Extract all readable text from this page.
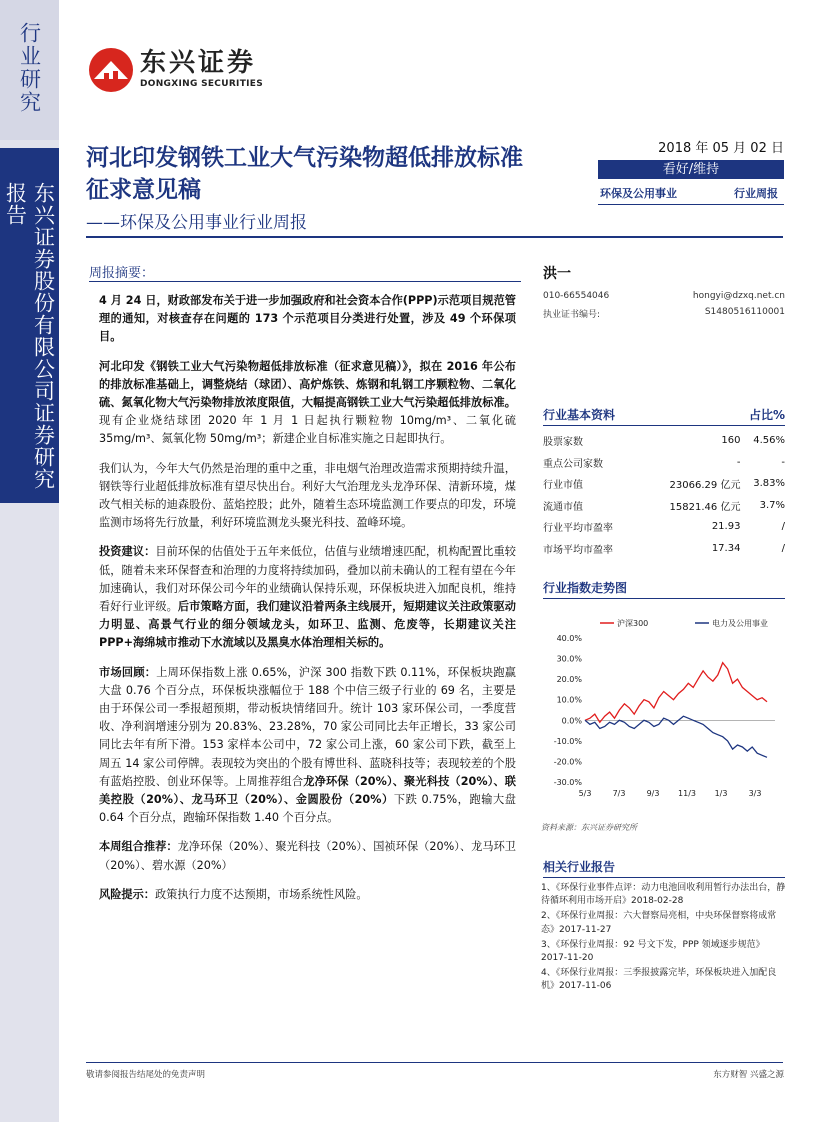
行业研究
东兴证券股份有限公司证券研究报告
东兴证券
DONGXING SECURITIES
河北印发钢铁工业大气污染物超低排放标准征求意见稿
——环保及公用事业行业周报
2018 年 05 月 02 日
看好/维持
环保及公用事业	行业周报
周报摘要：

4 月 24 日，财政部发布关于进一步加强政府和社会资本合作(PPP)示范项目规范管理的通知，对核查存在问题的 173 个示范项目分类进行处置，涉及 49 个环保项目。

河北印发《钢铁工业大气污染物超低排放标准（征求意见稿）》，拟在 2016 年公布的排放标准基础上，调整烧结（球团）、高炉炼铁、炼钢和轧钢工序颗粒物、二氧化硫、氮氧化物大气污染物排放浓度限值，大幅提高钢铁工业大气污染超低排放标准。现有企业烧结球团 2020 年 1 月 1 日起执行颗粒物 10mg/m³、二氧化硫 35mg/m³、氮氧化物 50mg/m³；新建企业自标准实施之日起即执行。

我们认为，今年大气仍然是治理的重中之重，非电烟气治理改造需求预期持续升温，钢铁等行业超低排放标准有望尽快出台。利好大气治理龙头龙净环保、清新环境，煤改气相关标的迪森股份、蓝焰控股；此外，随着生态环境监测工作要点的印发，环境监测市场将先行放量，利好环境监测龙头聚光科技、盈峰环境。

投资建议：目前环保的估值处于五年来低位，估值与业绩增速匹配，机构配置比重较低，随着未来环保督查和治理的力度将持续加码，叠加以前未确认的工程有望在今年加速确认，我们对环保公司今年的业绩确认保持乐观，环保板块进入加配良机，维持看好行业评级。后市策略方面，我们建议沿着两条主线展开，短期建议关注政策驱动力明显、高景气行业的细分领域龙头，如环卫、监测、危废等，长期建议关注 PPP+海绵城市推动下水流域以及黑臭水体治理相关标的。

市场回顾：上周环保指数上涨 0.65%，沪深 300 指数下跌 0.11%，环保板块跑赢大盘 0.76 个百分点，环保板块涨幅位于 188 个中信三级子行业的 69 名，主要是由于环保公司一季报超预期，带动板块情绪回升。统计 103 家环保公司，一季度营收、净利润增速分别为 20.83%、23.28%，70 家公司同比去年正增长，33 家公司同比去年有所下滑。153 家样本公司中，72 家公司上涨，60 家公司下跌，截至上周五 14 家公司停牌。表现较为突出的个股有博世科、蓝晓科技等；表现较差的个股有蓝焰控股、创业环保等。上周推荐组合龙净环保（20%）、聚光科技（20%）、联美控股（20%）、龙马环卫（20%）、金圆股份（20%）下跌 0.75%，跑输大盘 0.64 个百分点，跑输环保指数 1.40 个百分点。

本周组合推荐：龙净环保（20%）、聚光科技（20%）、国祯环保（20%）、龙马环卫（20%）、碧水源（20%）

风险提示：政策执行力度不达预期，市场系统性风险。

洪一
010-66554046	hongyi@dzxq.net.cn
执业证书编号:	S1480516110001
行业基本资料	占比%
股票家数	160	4.56%
重点公司家数	-	-
行业市值	23066.29 亿元	3.83%
流通市值	15821.46 亿元	3.7%
行业平均市盈率	21.93	/
市场平均市盈率	17.34	/
行业指数走势图
40.0%
30.0%
20.0%
10.0%
0.0%
-10.0%
-20.0%
-30.0%
5/3	7/3	9/3 11/3 1/3	3/3
沪深300	电力及公用事业
资料来源：东兴证券研究所
相关行业报告
1、《环保行业事件点评：动力电池回收利用暂行办法出台，静待循环利用市场开启》2018-02-28
2、《环保行业周报：六大督察局亮相，中央环保督察将成常态》2017-11-27
3、《环保行业周报：92 号文下发，PPP 领域逐步规范》2017-11-20
4、《环保行业周报：三季报披露完毕，环保板块进入加配良机》2017-11-06
敬请参阅报告结尾处的免责声明	东方财智 兴盛之源
